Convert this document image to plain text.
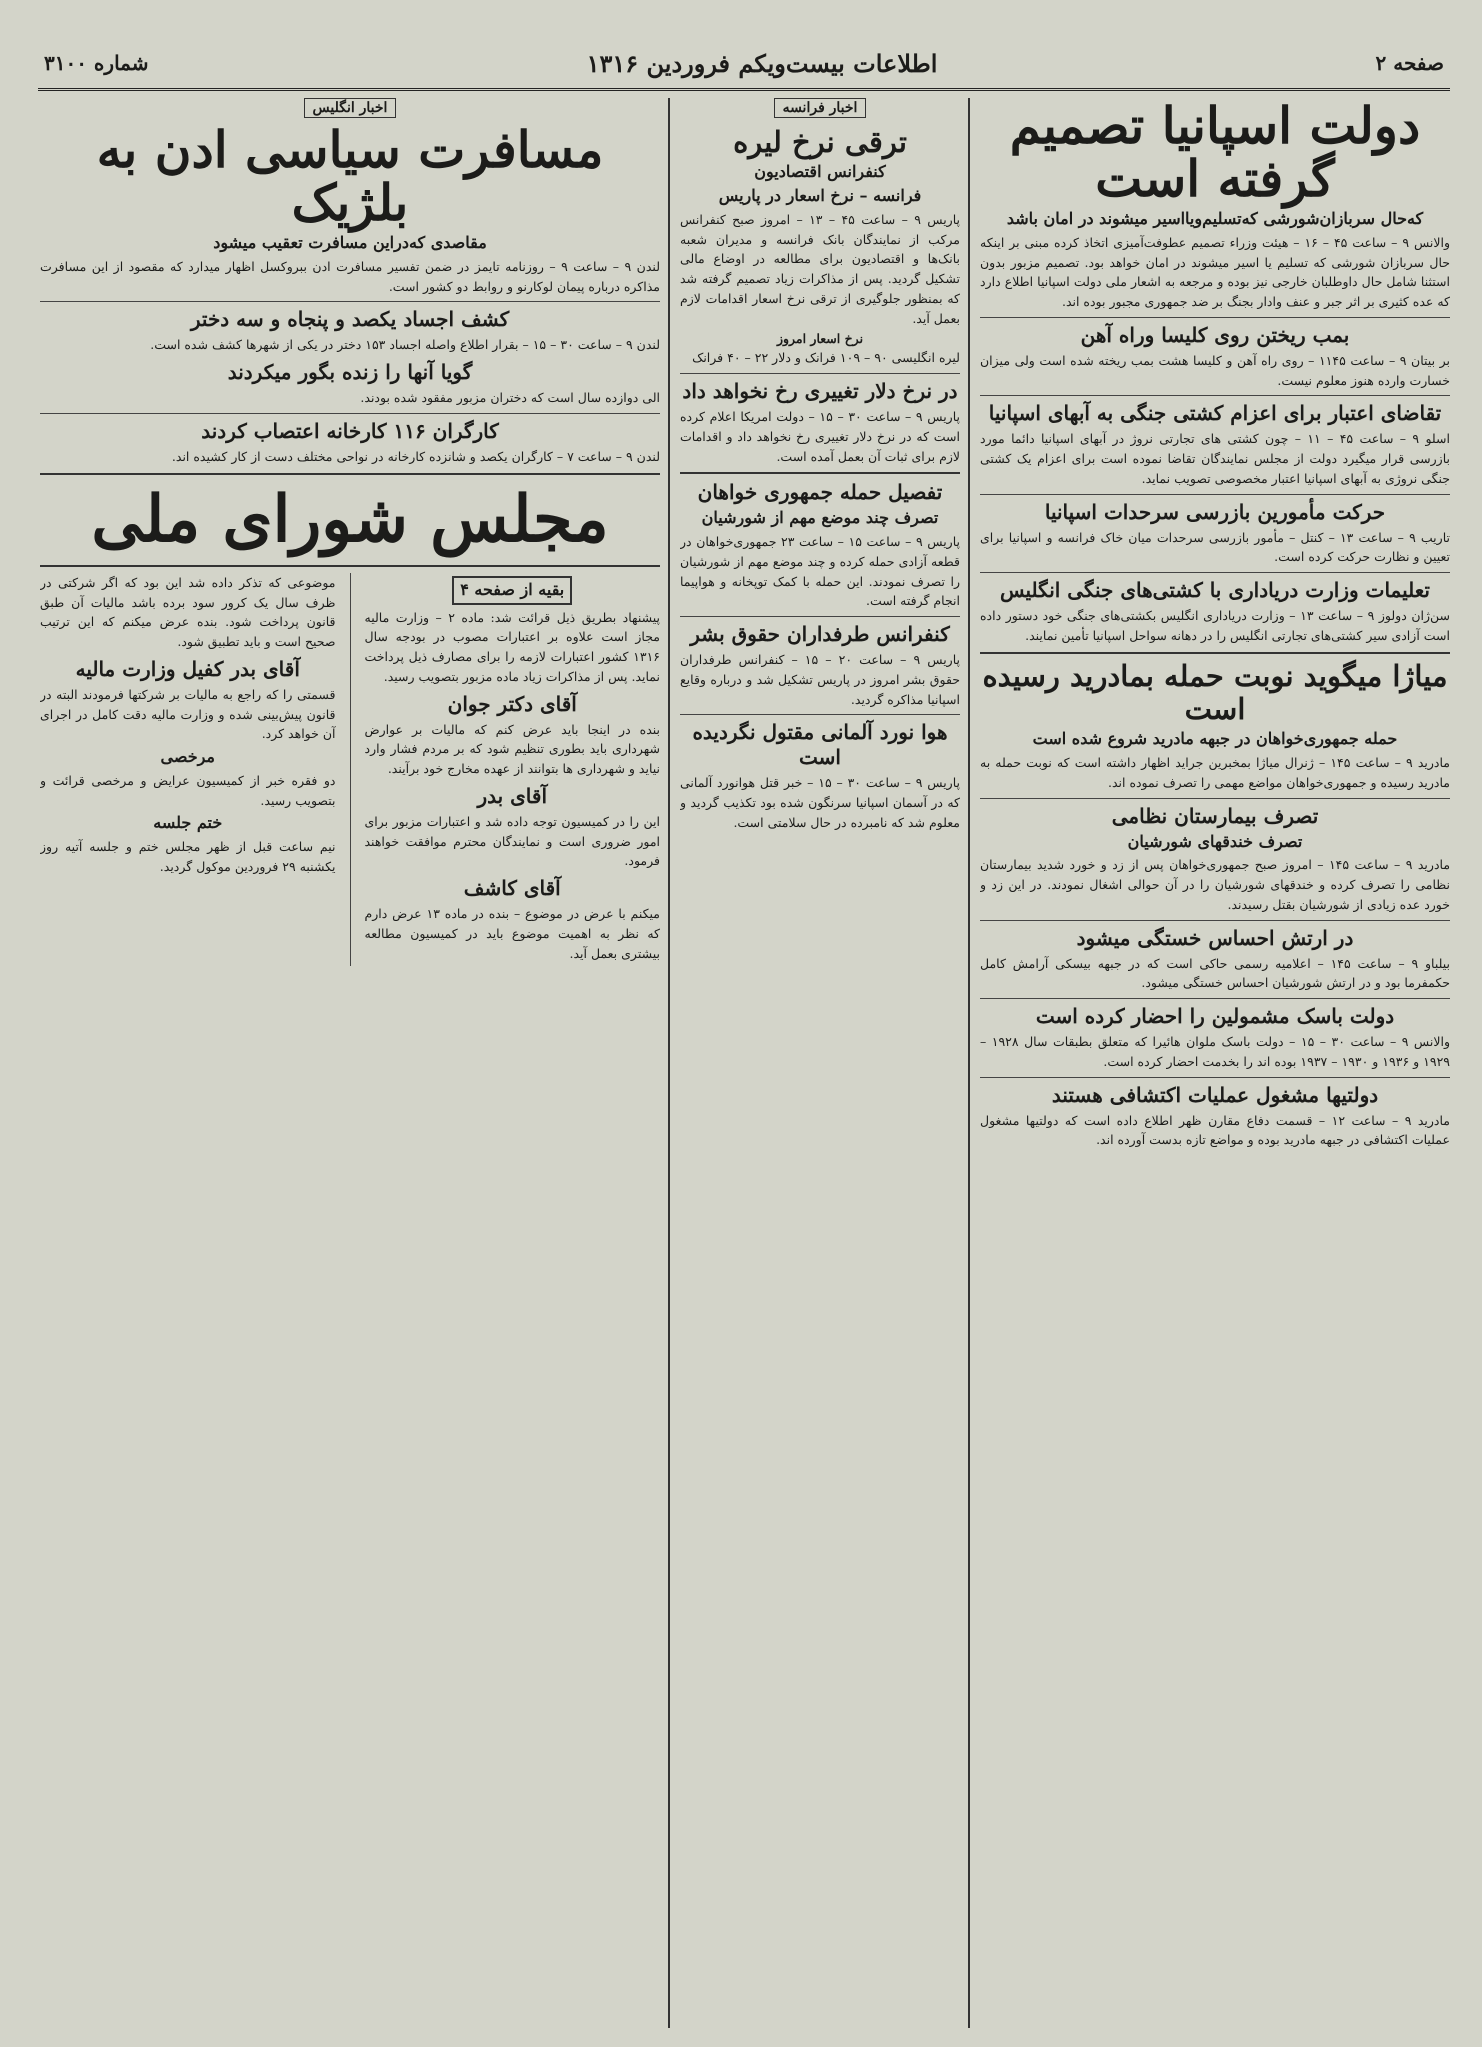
صفحه ۲
اطلاعات بیست‌ویکم فروردین ۱۳۱۶
شماره ۳۱۰۰
دولت اسپانیا تصمیم گرفته است
که‌حال سربازان‌شورشی که‌تسلیم‌و‌یا‌اسیر میشوند در امان باشد

والانس ۹ – ساعت ۴۵ – ۱۶ – هیئت وزراء تصمیم عطوفت‌آمیزی اتخاذ کرده مبنی بر اینکه حال سربازان شورشی که تسلیم یا اسیر میشوند در امان خواهد بود. تصمیم مزبور بدون استثنا شامل حال داوطلبان خارجی نیز بوده و مرجعه به اشعار ملی دولت اسپانیا اطلاع دارد که عده کثیری بر اثر جبر و عنف وادار بجنگ بر ضد جمهوری مجبور بوده اند.

بمب ریختن روی کلیسا وراه آهن

بر بیتان ۹ – ساعت ۱۱۴۵ – روی راه آهن و کلیسا هشت بمب ریخته شده است ولی میزان خسارت وارده هنوز معلوم نیست.

تقاضای اعتبار برای اعزام کشتی جنگی به آبهای اسپانیا

اسلو ۹ – ساعت ۴۵ – ۱۱ – چون کشتی های تجارتی نروژ در آبهای اسپانیا دائما مورد بازرسی قرار میگیرد دولت از مجلس نمایندگان تقاضا نموده است برای اعزام یک کشتی جنگی نروژی به آبهای اسپانیا اعتبار مخصوصی تصویب نماید.

حرکت مأمورین بازرسی سرحدات اسپانیا

تاریب ۹ – ساعت ۱۳ – کنتل – مأمور بازرسی سرحدات میان خاک فرانسه و اسپانیا برای تعیین و نظارت حرکت کرده است.

تعلیمات وزارت دریاداری با کشتی‌های جنگی انگلیس

سن‌ژان دولوز ۹ – ساعت ۱۳ – وزارت دریاداری انگلیس بکشتی‌های جنگی خود دستور داده است آزادی سیر کشتی‌های تجارتی انگلیس را در دهانه سواحل اسپانیا تأمین نمایند.

میاژا میگوید نوبت حمله بمادرید رسیده است
حمله جمهوری‌خواهان در جبهه مادرید شروع شده است

مادرید ۹ – ساعت ۱۴۵ – ژنرال میاژا بمخبرین جراید اظهار داشته است که نوبت حمله به مادرید رسیده و جمهوری‌خواهان مواضع مهمی را تصرف نموده اند.

تصرف بیمارستان نظامی
تصرف خندقهای شورشیان

مادرید ۹ – ساعت ۱۴۵ – امروز صبح جمهوری‌خواهان پس از زد و خورد شدید بیمارستان نظامی را تصرف کرده و خندقهای شورشیان را در آن حوالی اشغال نمودند. در این زد و خورد عده زیادی از شورشیان بقتل رسیدند.

در ارتش احساس خستگی میشود

بیلباو ۹ – ساعت ۱۴۵ – اعلامیه رسمی حاکی است که در جبهه بیسکی آرامش کامل حکمفرما بود و در ارتش شورشیان احساس خستگی میشود.

دولت باسک مشمولین را احضار کرده است

والانس ۹ – ساعت ۳۰ – ۱۵ – دولت باسک ملوان هائیرا که متعلق بطبقات سال ۱۹۲۸ – ۱۹۲۹ و ۱۹۳۶ و ۱۹۳۰ – ۱۹۳۷ بوده اند را بخدمت احضار کرده است.

دولتیها مشغول عملیات اکتشافی هستند

مادرید ۹ – ساعت ۱۲ – قسمت دفاع مقارن ظهر اطلاع داده است که دولتیها مشغول عملیات اکتشافی در جبهه مادرید بوده و مواضع تازه بدست آورده اند.

اخبار فرانسه
ترقی نرخ لیره
کنفرانس اقتصادیون
فرانسه – نرخ اسعار در پاریس

پاریس ۹ – ساعت ۴۵ – ۱۳ – امروز صبح کنفرانس مرکب از نمایندگان بانک فرانسه و مدیران شعبه بانک‌ها و اقتصادیون برای مطالعه در اوضاع مالی تشکیل گردید. پس از مذاکرات زیاد تصمیم گرفته شد که بمنظور جلوگیری از ترقی نرخ اسعار اقدامات لازم بعمل آید.

نرخ اسعار امروز

لیره انگلیسی ۹۰ – ۱۰۹ فرانک و دلار ۲۲ – ۴۰ فرانک

در نرخ دلار تغییری رخ نخواهد داد

پاریس ۹ – ساعت ۳۰ – ۱۵ – دولت امریکا اعلام کرده است که در نرخ دلار تغییری رخ نخواهد داد و اقدامات لازم برای ثبات آن بعمل آمده است.

تفصیل حمله جمهوری خواهان
تصرف چند موضع مهم از شورشیان

پاریس ۹ – ساعت ۱۵ – ساعت ۲۳ جمهوری‌خواهان در قطعه آزادی حمله کرده و چند موضع مهم از شورشیان را تصرف نمودند. این حمله با کمک توپخانه و هواپیما انجام گرفته است.

کنفرانس طرفداران حقوق بشر

پاریس ۹ – ساعت ۲۰ – ۱۵ – کنفرانس طرفداران حقوق بشر امروز در پاریس تشکیل شد و درباره وقایع اسپانیا مذاکره گردید.

هوا نورد آلمانی مقتول نگردیده است

پاریس ۹ – ساعت ۳۰ – ۱۵ – خبر قتل هوانورد آلمانی که در آسمان اسپانیا سرنگون شده بود تکذیب گردید و معلوم شد که نامبرده در حال سلامتی است.

اخبار انگلیس
مسافرت سیاسی ادن به بلژیک
مقاصدی که‌در‌این مسافرت تعقیب میشود

لندن ۹ – ساعت ۹ – روزنامه تایمز در ضمن تفسیر مسافرت ادن ببروکسل اظهار میدارد که مقصود از این مسافرت مذاکره درباره پیمان لوکارنو و روابط دو کشور است.

کشف اجساد یکصد و پنجاه و سه دختر

لندن ۹ – ساعت ۳۰ – ۱۵ – بقرار اطلاع واصله اجساد ۱۵۳ دختر در یکی از شهرها کشف شده است.

گویا آنها را زنده بگور میکردند

الی دوازده سال است که دختران مزبور مفقود شده بودند.

کارگران ۱۱۶ کارخانه اعتصاب کردند

لندن ۹ – ساعت ۷ – کارگران یکصد و شانزده کارخانه در نواحی مختلف دست از کار کشیده اند.

مجلس شورای ملی
بقیه از صفحه ۴

پیشنهاد بطریق ذیل قرائت شد: ماده ۲ – وزارت مالیه مجاز است علاوه بر اعتبارات مصوب در بودجه سال ۱۳۱۶ کشور اعتبارات لازمه را برای مصارف ذیل پرداخت نماید. پس از مذاکرات زیاد ماده مزبور بتصویب رسید.

آقای دکتر جوان

بنده در اینجا باید عرض کنم که مالیات بر عوارض شهرداری باید بطوری تنظیم شود که بر مردم فشار وارد نیاید و شهرداری ها بتوانند از عهده مخارج خود برآیند.

آقای بدر

این را در کمیسیون توجه داده شد و اعتبارات مزبور برای امور ضروری است و نمایندگان محترم موافقت خواهند فرمود.

آقای کاشف

میکنم با عرض در موضوع – بنده در ماده ۱۳ عرض دارم که نظر به اهمیت موضوع باید در کمیسیون مطالعه بیشتری بعمل آید.

موضوعی که تذکر داده شد این بود که اگر شرکتی در ظرف سال یک کرور سود برده باشد مالیات آن طبق قانون پرداخت شود. بنده عرض میکنم که این ترتیب صحیح است و باید تطبیق شود.

آقای بدر کفیل وزارت مالیه

قسمتی را که راجع به مالیات بر شرکتها فرمودند البته در قانون پیش‌بینی شده و وزارت مالیه دقت کامل در اجرای آن خواهد کرد.

مرخصی

دو فقره خبر از کمیسیون عرایض و مرخصی قرائت و بتصویب رسید.

ختم جلسه

نیم ساعت قبل از ظهر مجلس ختم و جلسه آتیه روز یکشنبه ۲۹ فروردین موکول گردید.
